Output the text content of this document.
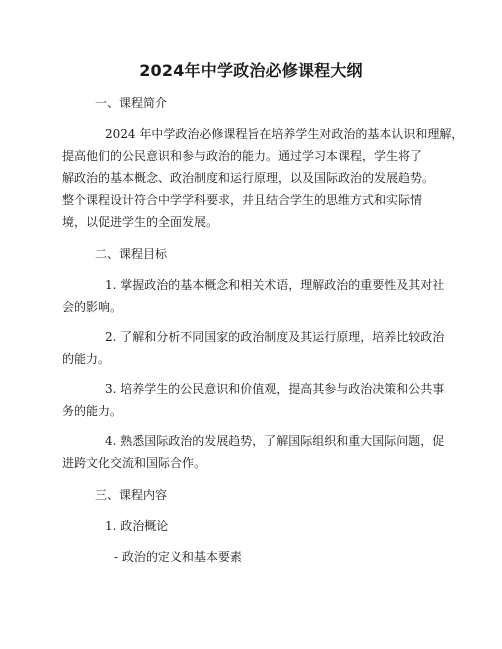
2024年中学政治必修课程大纲
一、课程简介
2024 年中学政治必修课程旨在培养学生对政治的基本认识和理解，
提高他们的公民意识和参与政治的能力。通过学习本课程，学生将了
解政治的基本概念、政治制度和运行原理，以及国际政治的发展趋势。
整个课程设计符合中学学科要求，并且结合学生的思维方式和实际情
境，以促进学生的全面发展。
二、课程目标
1. 掌握政治的基本概念和相关术语，理解政治的重要性及其对社
会的影响。
2. 了解和分析不同国家的政治制度及其运行原理，培养比较政治
的能力。
3. 培养学生的公民意识和价值观，提高其参与政治决策和公共事
务的能力。
4. 熟悉国际政治的发展趋势，了解国际组织和重大国际问题，促
进跨文化交流和国际合作。
三、课程内容
1. 政治概论
- 政治的定义和基本要素
